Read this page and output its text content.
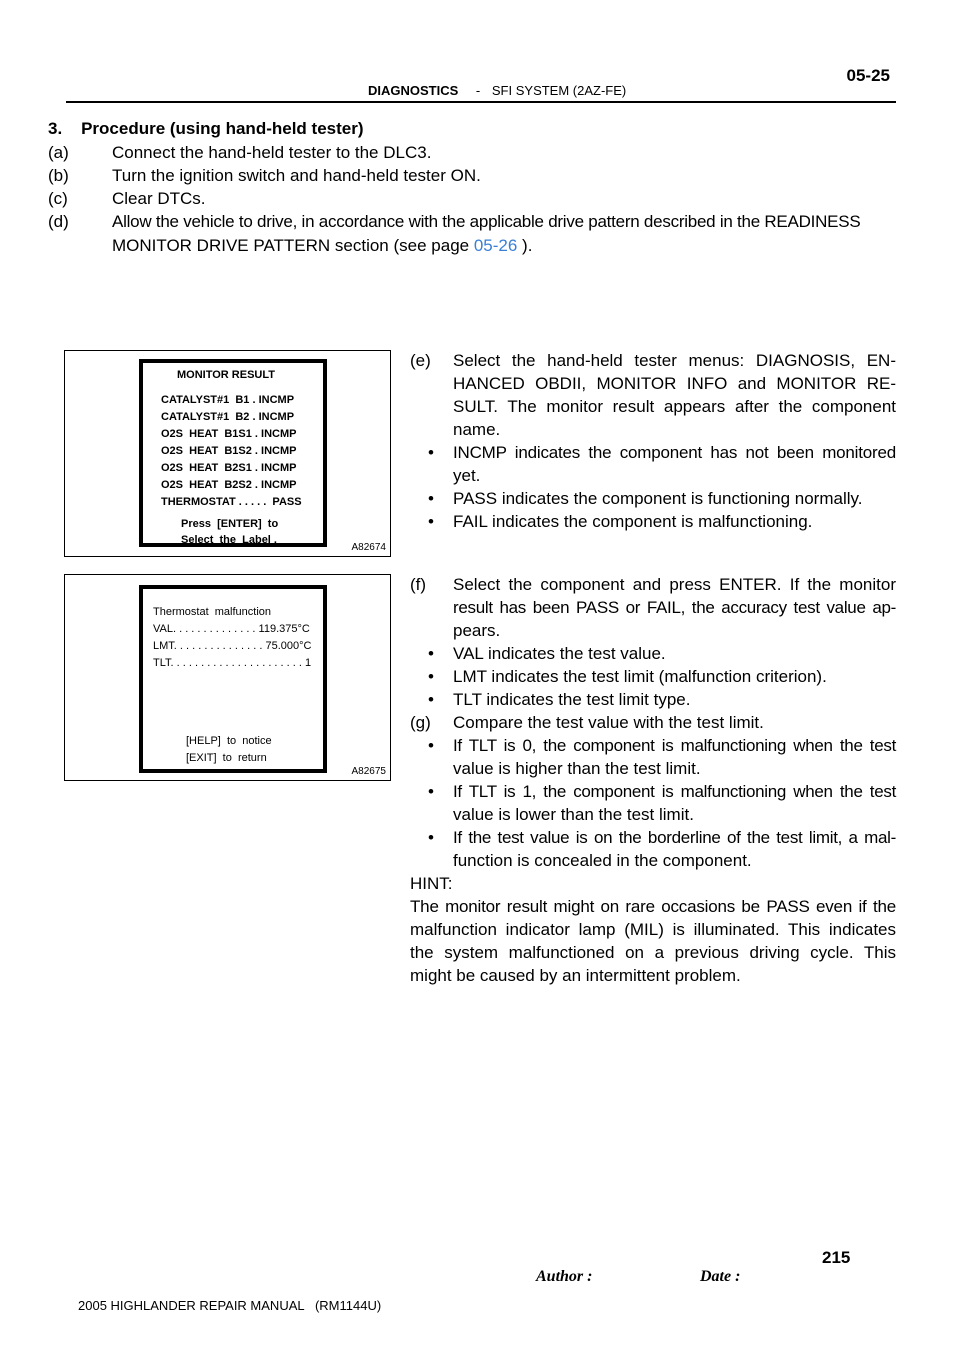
05-25
DIAGNOSTICS - SFI SYSTEM (2AZ-FE)
3.    Procedure (using hand-held tester)
(a)	Connect the hand-held tester to the DLC3.
(b)	Turn the ignition switch and hand-held tester ON.
(c)	Clear DTCs.
(d)	Allow the vehicle to drive, in accordance with the applicable drive pattern described in the READINESS
MONITOR DRIVE PATTERN section (see page 05-26 ).
MONITOR RESULT
CATALYST#1  B1 . INCMP
CATALYST#1  B2 . INCMP
O2S  HEAT  B1S1 . INCMP
O2S  HEAT  B1S2 . INCMP
O2S  HEAT  B2S1 . INCMP
O2S  HEAT  B2S2 . INCMP
THERMOSTAT . . . . .  PASS
Press  [ENTER]  to
Select  the  Label .
A82674
Thermostat  malfunction
VAL. . . . . . . . . . . . . . 119.375°C
LMT. . . . . . . . . . . . . . . 75.000°C
TLT. . . . . . . . . . . . . . . . . . . . . . 1
[HELP]  to  notice
[EXIT]  to  return
A82675
(e) Select the hand-held tester menus: DIAGNOSIS, EN-
HANCED OBDII, MONITOR INFO and MONITOR RE-
SULT. The monitor result appears after the component
name.
• INCMP indicates the component has not been monitored
yet.
• PASS indicates the component is functioning normally.
• FAIL indicates the component is malfunctioning.
(f) Select the component and press ENTER. If the monitor
result has been PASS or FAIL, the accuracy test value ap-
pears.
• VAL indicates the test value.
• LMT indicates the test limit (malfunction criterion).
• TLT indicates the test limit type.
(g) Compare the test value with the test limit.
• If TLT is 0, the component is malfunctioning when the test
value is higher than the test limit.
• If TLT is 1, the component is malfunctioning when the test
value is lower than the test limit.
• If the test value is on the borderline of the test limit, a mal-
function is concealed in the component.
HINT:
The monitor result might on rare occasions be PASS even if the
malfunction indicator lamp (MIL) is illuminated. This indicates
the system malfunctioned on a previous driving cycle. This
might be caused by an intermittent problem.
215
Author :	Date :
2005 HIGHLANDER REPAIR MANUAL   (RM1144U)
